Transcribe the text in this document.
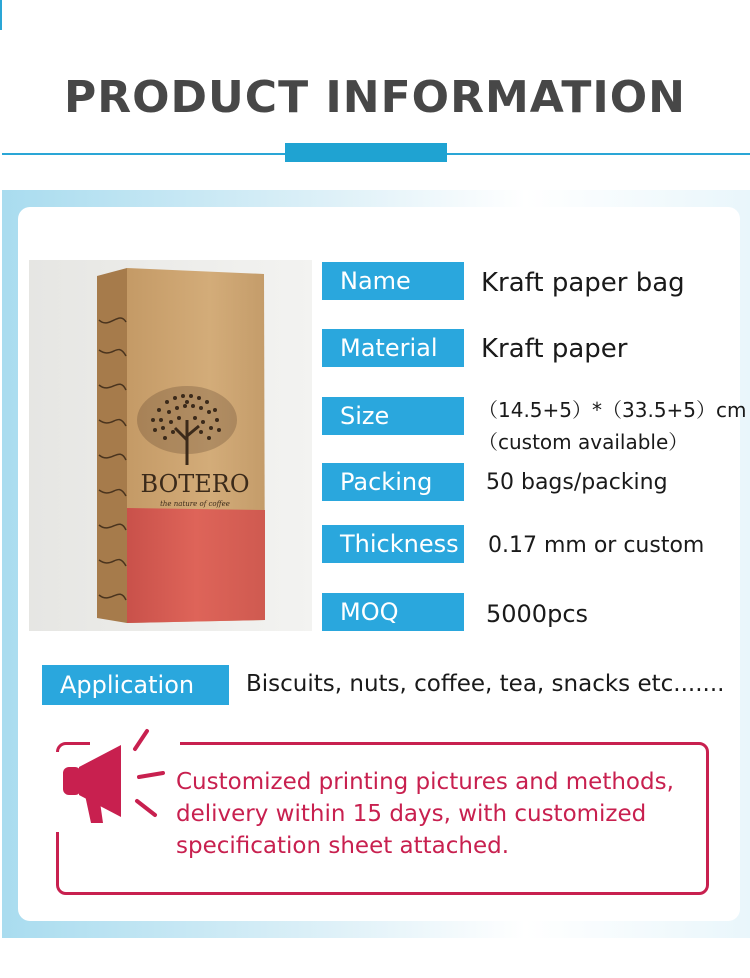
PRODUCT INFORMATION
BOTERO
the nature of coffee
Name	Kraft paper bag
Material	Kraft paper
Size	（14.5+5）*（33.5+5）cm
（custom available）
Packing	50 bags/packing
Thickness 0.17 mm or custom
MOQ	5000pcs
Application	Biscuits, nuts, coffee, tea, snacks etc.......
Customized printing pictures and methods,
delivery within 15 days, with customized
specification sheet attached.
